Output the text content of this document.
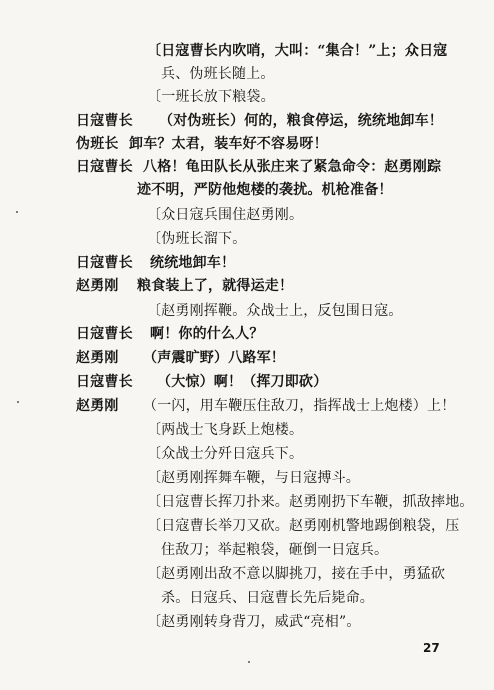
〔日寇曹长内吹哨，大叫：“集合！”上；众日寇
兵、伪班长随上。
〔一班长放下粮袋。
日寇曹长 （对伪班长）何的，粮食停运，统统地卸车！
伪班长 卸车？太君，装车好不容易呀！
日寇曹长 八格！龟田队长从张庄来了紧急命令：赵勇刚踪
迹不明，严防他炮楼的袭扰。机枪准备！
〔众日寇兵围住赵勇刚。
〔伪班长溜下。
日寇曹长 统统地卸车！
赵勇刚 粮食装上了，就得运走！
〔赵勇刚挥鞭。众战士上，反包围日寇。
日寇曹长 啊！你的什么人？
赵勇刚 （声震旷野）八路军！
日寇曹长 （大惊）啊！（挥刀即砍）
赵勇刚 （一闪，用车鞭压住敌刀，指挥战士上炮楼）上！
〔两战士飞身跃上炮楼。
〔众战士分歼日寇兵下。
〔赵勇刚挥舞车鞭，与日寇搏斗。
〔日寇曹长挥刀扑来。赵勇刚扔下车鞭，抓敌摔地。
〔日寇曹长举刀又砍。赵勇刚机警地踢倒粮袋，压
住敌刀；举起粮袋，砸倒一日寇兵。
〔赵勇刚出敌不意以脚挑刀，接在手中，勇猛砍
杀。日寇兵、日寇曹长先后毙命。
〔赵勇刚转身背刀，威武“亮相”。
27
